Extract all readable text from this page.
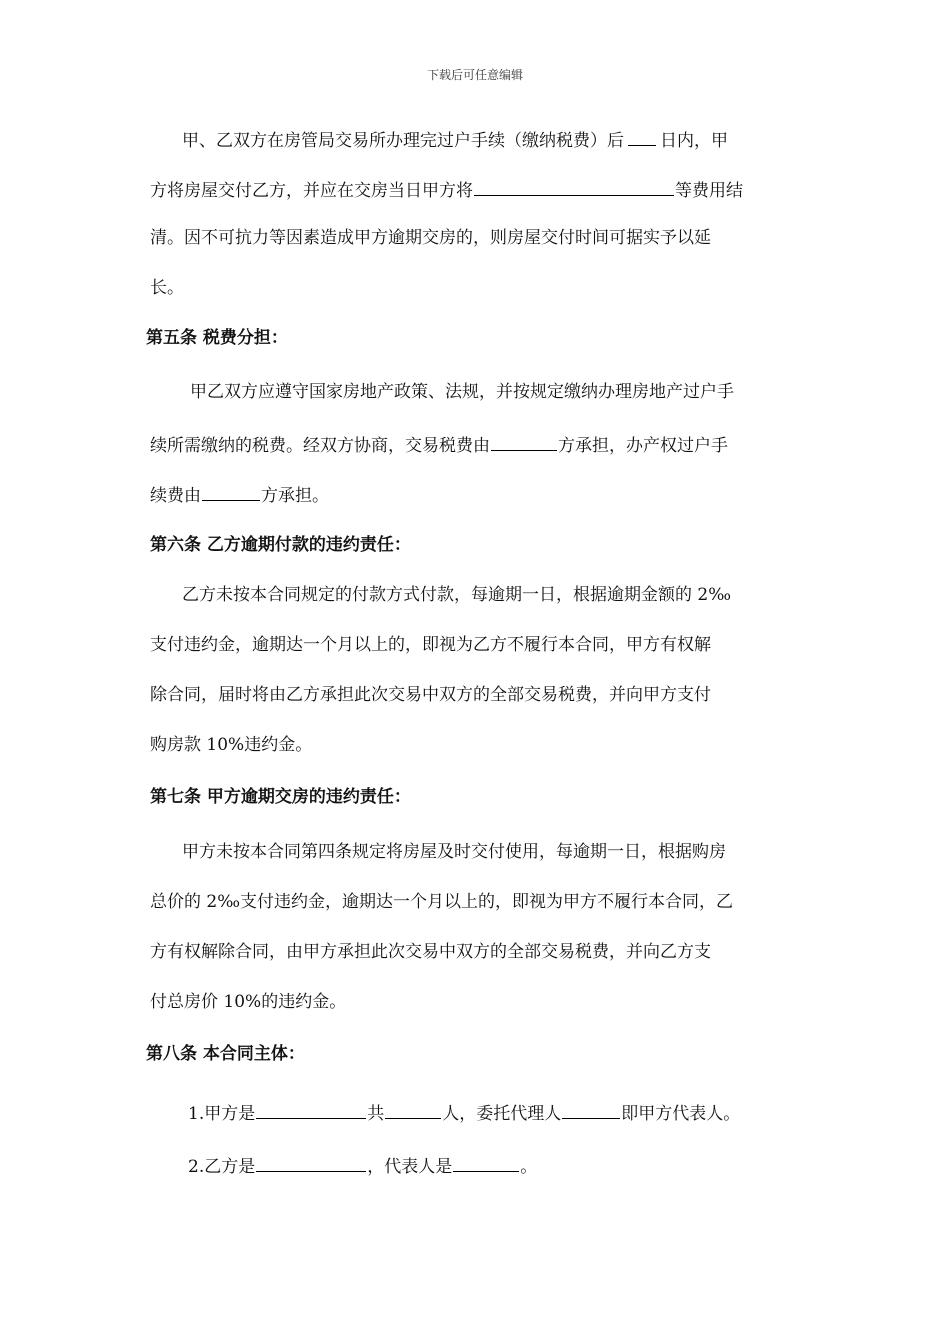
下载后可任意编辑
甲、乙双方在房管局交易所办理完过户手续（缴纳税费）后 日内，甲
方将房屋交付乙方，并应在交房当日甲方将	等费用结
清。因不可抗力等因素造成甲方逾期交房的，则房屋交付时间可据实予以延
长。
第五条 税费分担：
甲乙双方应遵守国家房地产政策、法规，并按规定缴纳办理房地产过户手
续所需缴纳的税费。经双方协商，交易税费由	方承担，办产权过户手
续费由	方承担。
第六条 乙方逾期付款的违约责任：
乙方未按本合同规定的付款方式付款，每逾期一日，根据逾期金额的 2‰
支付违约金，逾期达一个月以上的，即视为乙方不履行本合同，甲方有权解
除合同，届时将由乙方承担此次交易中双方的全部交易税费，并向甲方支付
购房款 10%违约金。
第七条 甲方逾期交房的违约责任：
甲方未按本合同第四条规定将房屋及时交付使用，每逾期一日，根据购房
总价的 2‰支付违约金，逾期达一个月以上的，即视为甲方不履行本合同，乙
方有权解除合同，由甲方承担此次交易中双方的全部交易税费，并向乙方支
付总房价 10%的违约金。
第八条 本合同主体：
1.甲方是	共	人，委托代理人	即甲方代表人。
2.乙方是	，代表人是	。
